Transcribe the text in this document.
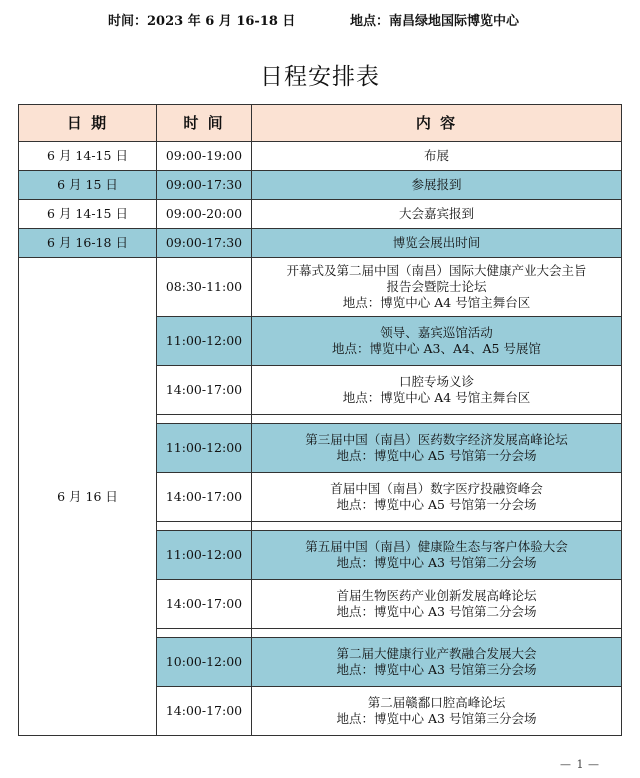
时间：2023 年 6 月 16-18 日	地点：南昌绿地国际博览中心
日程安排表
日 期	时 间	内 容
6 月 14-15 日	09:00-19:00	布展
6 月 15 日	09:00-17:30	参展报到
6 月 14-15 日	09:00-20:00	大会嘉宾报到
6 月 16-18 日	09:00-17:30	博览会展出时间
6 月 16 日	08:30-11:00	开幕式及第二届中国（南昌）国际大健康产业大会主旨
报告会暨院士论坛
地点：博览中心 A4 号馆主舞台区

	11:00-12:00	领导、嘉宾巡馆活动
地点：博览中心 A3、A4、A5 号展馆

	14:00-17:00	口腔专场义诊
地点：博览中心 A4 号馆主舞台区

	11:00-12:00	第三届中国（南昌）医药数字经济发展高峰论坛
地点：博览中心 A5 号馆第一分会场

	14:00-17:00	首届中国（南昌）数字医疗投融资峰会
地点：博览中心 A5 号馆第一分会场

	11:00-12:00	第五届中国（南昌）健康险生态与客户体验大会
地点：博览中心 A3 号馆第二分会场

	14:00-17:00	首届生物医药产业创新发展高峰论坛
地点：博览中心 A3 号馆第二分会场

	10:00-12:00	第二届大健康行业产教融合发展大会
地点：博览中心 A3 号馆第三分会场

	14:00-17:00	第二届赣鄱口腔高峰论坛
地点：博览中心 A3 号馆第三分会场
— 1 —
